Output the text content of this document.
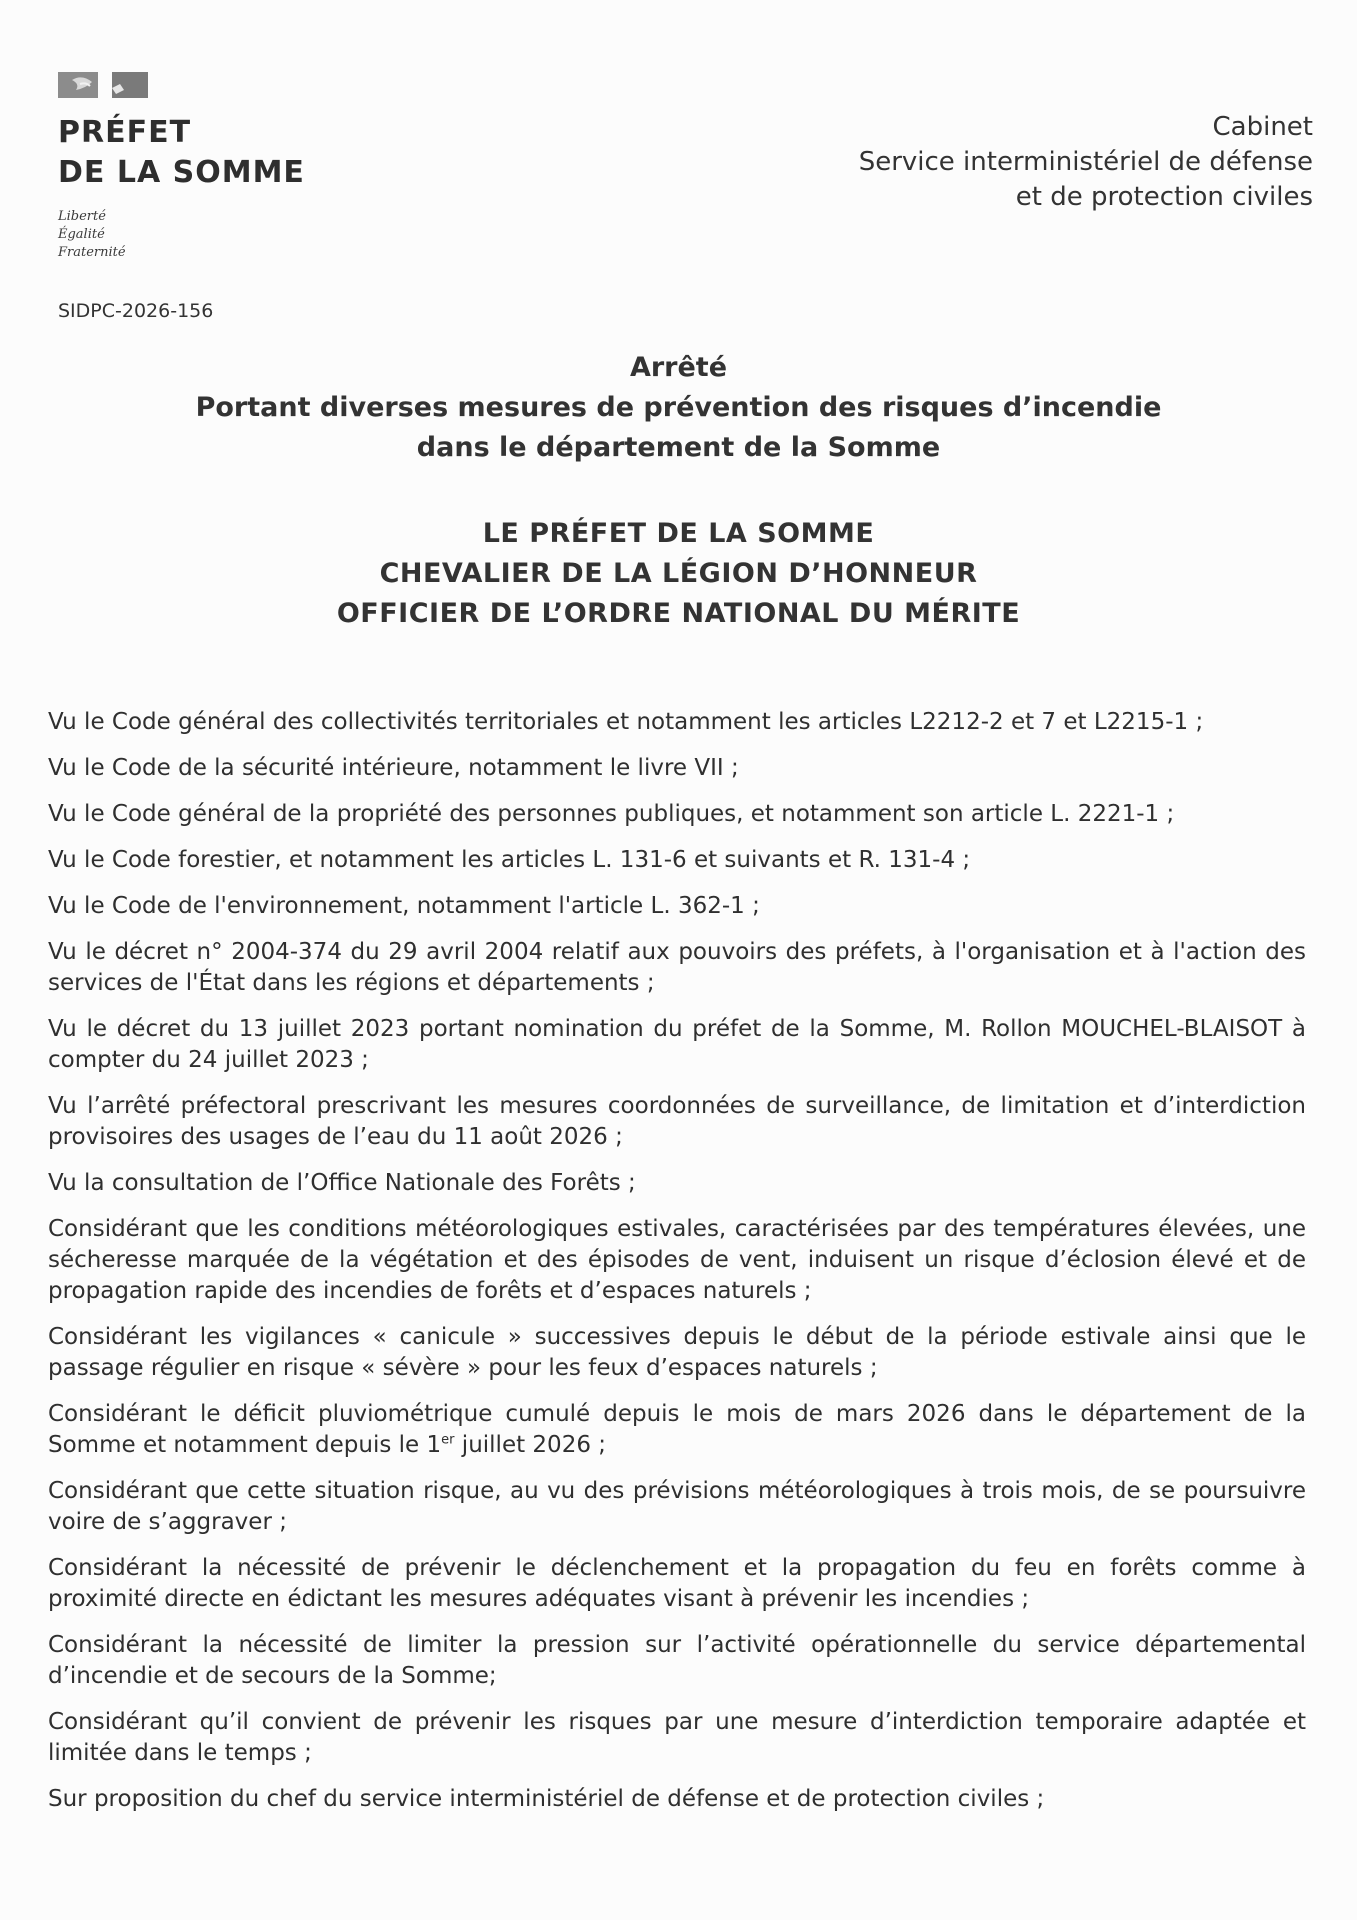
PRÉFET
DE LA SOMME
Liberté
Égalité
Fraternité
SIDPC-2026-156
Cabinet
Service interministériel de défense
et de protection civiles
Arrêté
Portant diverses mesures de prévention des risques d’incendie
dans le département de la Somme
LE PRÉFET DE LA SOMME
CHEVALIER DE LA LÉGION D’HONNEUR
OFFICIER DE L’ORDRE NATIONAL DU MÉRITE
Vu le Code général des collectivités territoriales et notamment les articles L2212-2 et 7 et L2215-1 ;
Vu le Code de la sécurité intérieure, notamment le livre VII ;
Vu le Code général de la propriété des personnes publiques, et notamment son article L. 2221-1 ;
Vu le Code forestier, et notamment les articles L. 131-6 et suivants et R. 131-4 ;
Vu le Code de l'environnement, notamment l'article L. 362-1 ;
Vu le décret n° 2004-374 du 29 avril 2004 relatif aux pouvoirs des préfets, à l'organisation et à l'action des services de l'État dans les régions et départements ;
Vu le décret du 13 juillet 2023 portant nomination du préfet de la Somme, M. Rollon MOUCHEL-BLAISOT à compter du 24 juillet 2023 ;
Vu l’arrêté préfectoral prescrivant les mesures coordonnées de surveillance, de limitation et d’interdiction provisoires des usages de l’eau du 11 août 2026 ;
Vu la consultation de l’Office Nationale des Forêts ;
Considérant que les conditions météorologiques estivales, caractérisées par des températures élevées, une sécheresse marquée de la végétation et des épisodes de vent, induisent un risque d’éclosion élevé et de propagation rapide des incendies de forêts et d’espaces naturels ;
Considérant les vigilances « canicule » successives depuis le début de la période estivale ainsi que le passage régulier en risque « sévère » pour les feux d’espaces naturels ;
Considérant le déficit pluviométrique cumulé depuis le mois de mars 2026 dans le département de la Somme et notamment depuis le 1er juillet 2026 ;
Considérant que cette situation risque, au vu des prévisions météorologiques à trois mois, de se poursuivre voire de s’aggraver ;
Considérant la nécessité de prévenir le déclenchement et la propagation du feu en forêts comme à proximité directe en édictant les mesures adéquates visant à prévenir les incendies ;
Considérant la nécessité de limiter la pression sur l’activité opérationnelle du service départemental d’incendie et de secours de la Somme;
Considérant qu’il convient de prévenir les risques par une mesure d’interdiction temporaire adaptée et limitée dans le temps ;
Sur proposition du chef du service interministériel de défense et de protection civiles ;
